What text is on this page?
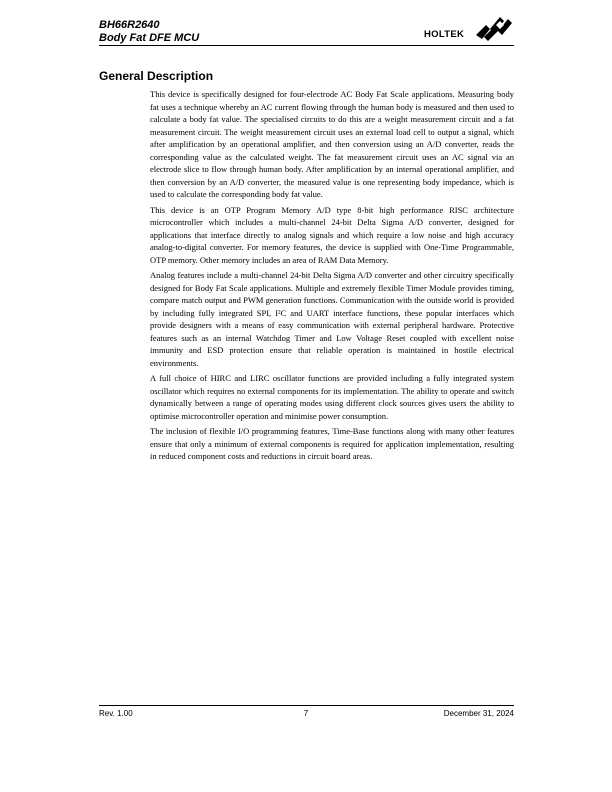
BH66R2640
Body Fat DFE MCU	HOLTEK
General Description

This device is specifically designed for four-electrode AC Body Fat Scale applications. Measuring body fat uses a technique whereby an AC current flowing through the human body is measured and then used to calculate a body fat value. The specialised circuits to do this are a weight measurement circuit and a fat measurement circuit. The weight measurement circuit uses an external load cell to output a signal, which after amplification by an operational amplifier, and then conversion using an A/D converter, reads the corresponding value as the calculated weight. The fat measurement circuit uses an AC signal via an electrode slice to flow through human body. After amplification by an internal operational amplifier, and then conversion by an A/D converter, the measured value is one representing body impedance, which is used to calculate the corresponding body fat value.

This device is an OTP Program Memory A/D type 8-bit high performance RISC architecture microcontroller which includes a multi-channel 24-bit Delta Sigma A/D converter, designed for applications that interface directly to analog signals and which require a low noise and high accuracy analog-to-digital converter. For memory features, the device is supplied with One-Time Programmable, OTP memory. Other memory includes an area of RAM Data Memory.

Analog features include a multi-channel 24-bit Delta Sigma A/D converter and other circuitry specifically designed for Body Fat Scale applications. Multiple and extremely flexible Timer Module provides timing, compare match output and PWM generation functions. Communication with the outside world is provided by including fully integrated SPI, I²C and UART interface functions, these popular interfaces which provide designers with a means of easy communication with external peripheral hardware. Protective features such as an internal Watchdog Timer and Low Voltage Reset coupled with excellent noise immunity and ESD protection ensure that reliable operation is maintained in hostile electrical environments.

A full choice of HIRC and LIRC oscillator functions are provided including a fully integrated system oscillator which requires no external components for its implementation. The ability to operate and switch dynamically between a range of operating modes using different clock sources gives users the ability to optimise microcontroller operation and minimise power consumption.

The inclusion of flexible I/O programming features, Time-Base functions along with many other features ensure that only a minimum of external components is required for application implementation, resulting in reduced component costs and reductions in circuit board areas.

Rev. 1.00	7	December 31, 2024
